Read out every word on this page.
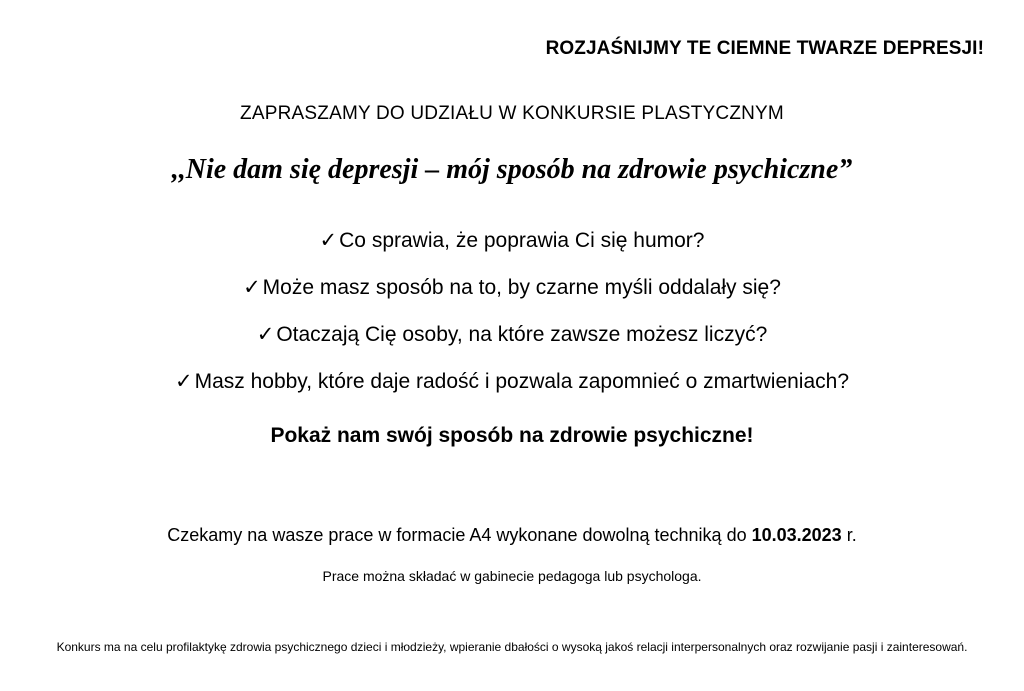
ROZJAŚNIJMY TE CIEMNE TWARZE DEPRESJI!
ZAPRASZAMY DO UDZIAŁU W KONKURSIE PLASTYCZNYM
,,Nie dam się depresji – mój sposób na zdrowie psychiczne”
✓Co sprawia, że poprawia Ci się humor?
✓Może masz sposób na to, by czarne myśli oddalały się?
✓Otaczają Cię osoby, na które zawsze możesz liczyć?
✓Masz hobby, które daje radość i pozwala zapomnieć o zmartwieniach?
Pokaż nam swój sposób na zdrowie psychiczne!
Czekamy na wasze prace w formacie A4 wykonane dowolną techniką do 10.03.2023 r.
Prace można składać w gabinecie pedagoga lub psychologa.
Konkurs ma na celu profilaktykę zdrowia psychicznego dzieci i młodzieży, wpieranie dbałości o wysoką jakoś relacji interpersonalnych oraz rozwijanie pasji i zainteresowań.
